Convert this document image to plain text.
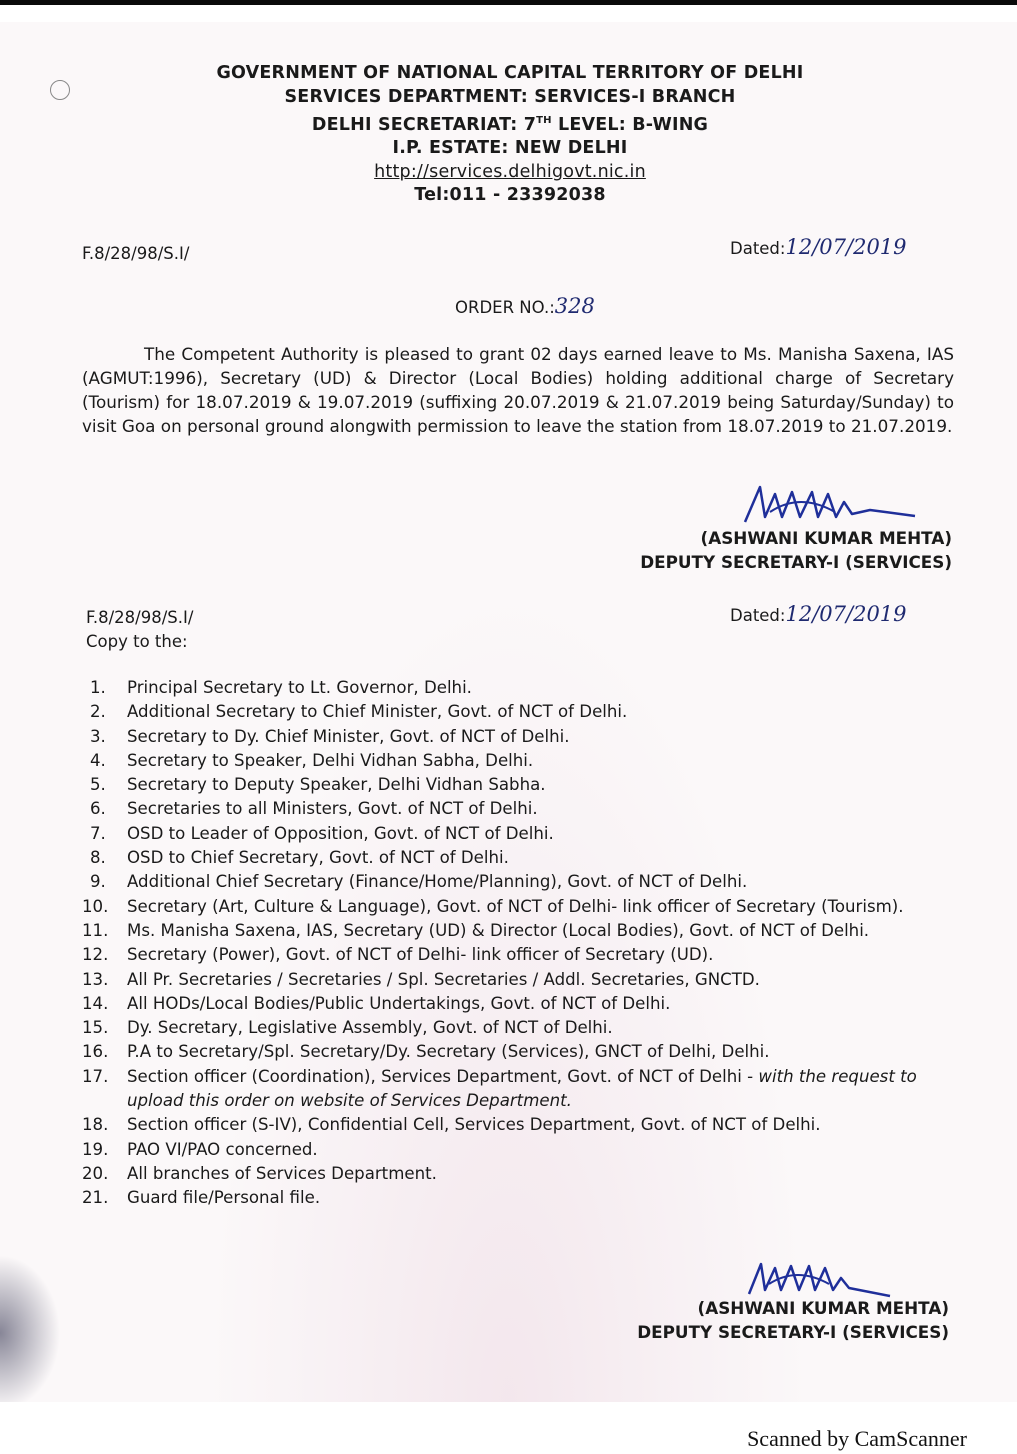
GOVERNMENT OF NATIONAL CAPITAL TERRITORY OF DELHI
SERVICES DEPARTMENT: SERVICES-I BRANCH
DELHI SECRETARIAT: 7TH LEVEL: B-WING
I.P. ESTATE: NEW DELHI
http://services.delhigovt.nic.in
Tel:011 - 23392038
F.8/28/98/S.I/	Dated:12/07/2019
ORDER NO.:328
The Competent Authority is pleased to grant 02 days earned leave to Ms. Manisha Saxena, IAS (AGMUT:1996), Secretary (UD) & Director (Local Bodies) holding additional charge of Secretary (Tourism) for 18.07.2019 & 19.07.2019 (suffixing 20.07.2019 & 21.07.2019 being Saturday/Sunday) to visit Goa on personal ground alongwith permission to leave the station from 18.07.2019 to 21.07.2019.
(ASHWANI KUMAR MEHTA)
DEPUTY SECRETARY-I (SERVICES)
F.8/28/98/S.I/
Copy to the:
Dated:12/07/2019
1. Principal Secretary to Lt. Governor, Delhi.
2. Additional Secretary to Chief Minister, Govt. of NCT of Delhi.
3. Secretary to Dy. Chief Minister, Govt. of NCT of Delhi.
4. Secretary to Speaker, Delhi Vidhan Sabha, Delhi.
5. Secretary to Deputy Speaker, Delhi Vidhan Sabha.
6. Secretaries to all Ministers, Govt. of NCT of Delhi.
7. OSD to Leader of Opposition, Govt. of NCT of Delhi.
8. OSD to Chief Secretary, Govt. of NCT of Delhi.
9. Additional Chief Secretary (Finance/Home/Planning), Govt. of NCT of Delhi.
10. Secretary (Art, Culture & Language), Govt. of NCT of Delhi- link officer of Secretary (Tourism).
11. Ms. Manisha Saxena, IAS, Secretary (UD) & Director (Local Bodies), Govt. of NCT of Delhi.
12. Secretary (Power), Govt. of NCT of Delhi- link officer of Secretary (UD).
13. All Pr. Secretaries / Secretaries / Spl. Secretaries / Addl. Secretaries, GNCTD.
14. All HODs/Local Bodies/Public Undertakings, Govt. of NCT of Delhi.
15. Dy. Secretary, Legislative Assembly, Govt. of NCT of Delhi.
16. P.A to Secretary/Spl. Secretary/Dy. Secretary (Services), GNCT of Delhi, Delhi.
17. Section officer (Coordination), Services Department, Govt. of NCT of Delhi - with the request to upload this order on website of Services Department.
18. Section officer (S-IV), Confidential Cell, Services Department, Govt. of NCT of Delhi.
19. PAO VI/PAO concerned.
20. All branches of Services Department.
21. Guard file/Personal file.
(ASHWANI KUMAR MEHTA)
DEPUTY SECRETARY-I (SERVICES)
Scanned by CamScanner
